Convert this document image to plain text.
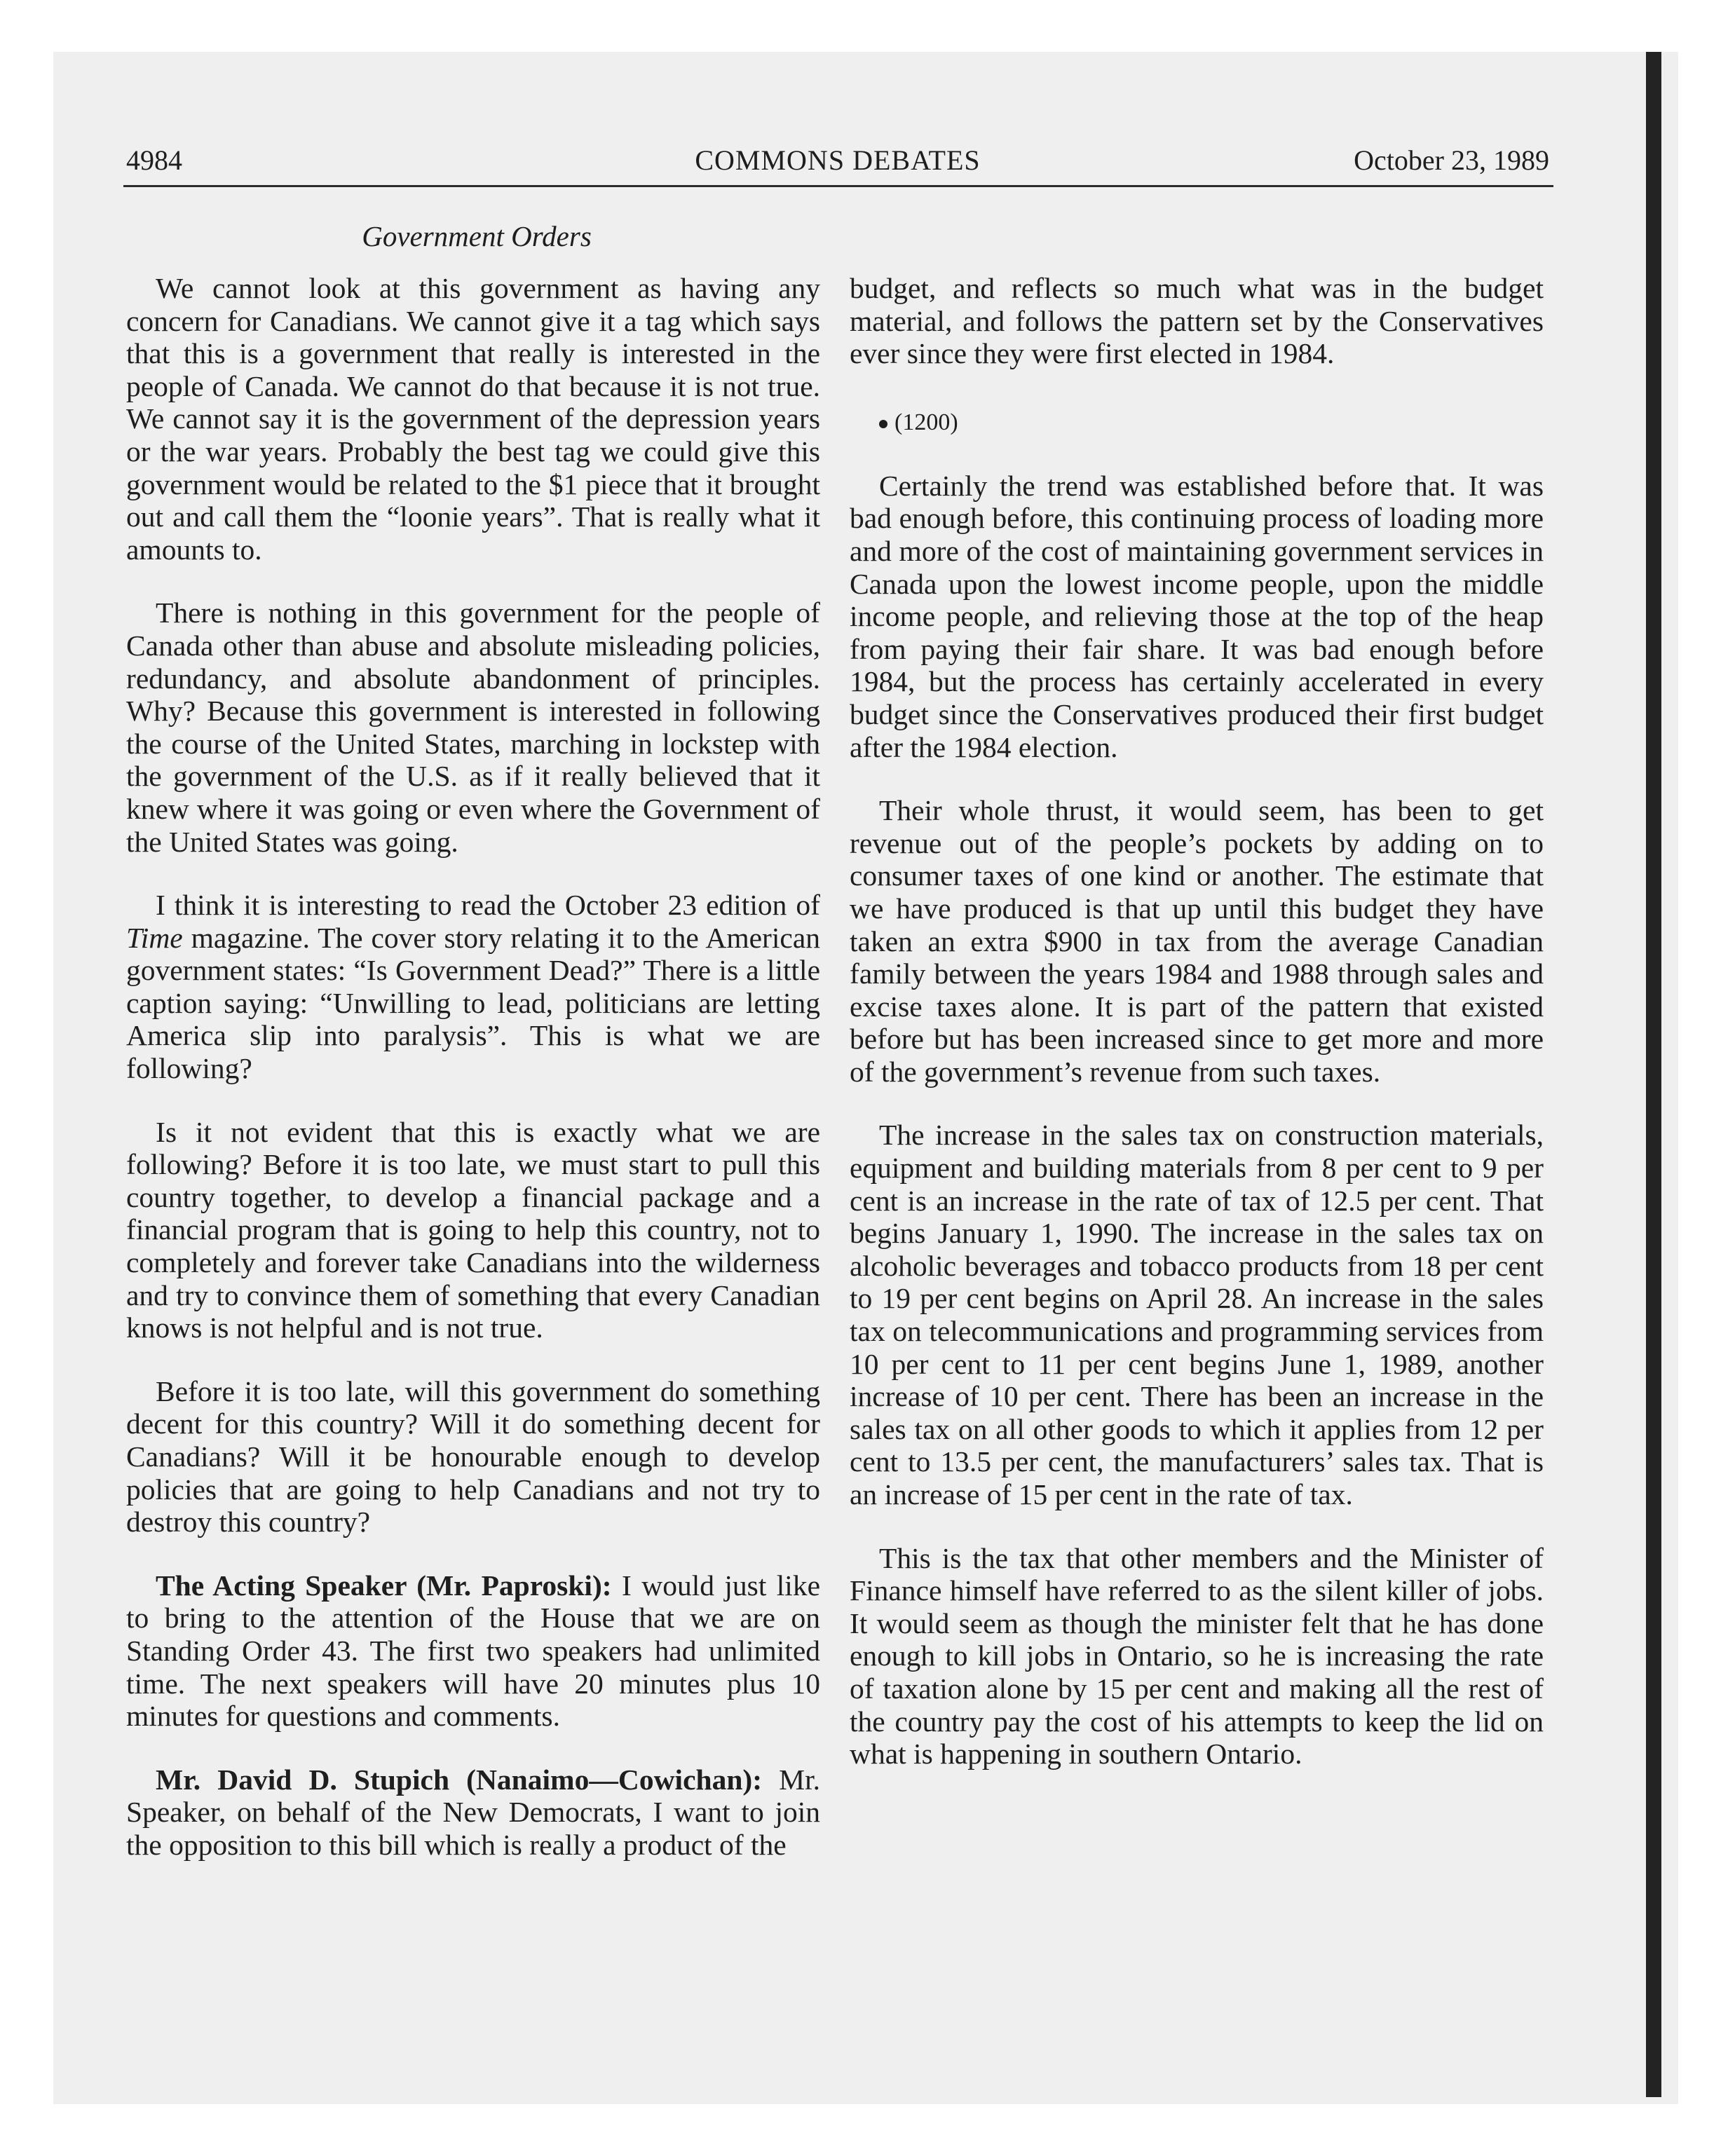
4984	COMMONS DEBATES	October 23, 1989
Government Orders

We cannot look at this government as having any concern for Canadians. We cannot give it a tag which says that this is a government that really is interested in the people of Canada. We cannot do that because it is not true. We cannot say it is the government of the depression years or the war years. Probably the best tag we could give this government would be related to the $1 piece that it brought out and call them the “loonie years”. That is really what it amounts to.

There is nothing in this government for the people of Canada other than abuse and absolute misleading policies, redundancy, and absolute abandonment of principles. Why? Because this government is interested in following the course of the United States, marching in lockstep with the government of the U.S. as if it really believed that it knew where it was going or even where the Government of the United States was going.

I think it is interesting to read the October 23 edition of Time magazine. The cover story relating it to the American government states: “Is Government Dead?” There is a little caption saying: “Unwilling to lead, politicians are letting America slip into paralysis”. This is what we are following?

Is it not evident that this is exactly what we are following? Before it is too late, we must start to pull this country together, to develop a financial package and a financial program that is going to help this country, not to completely and forever take Canadians into the wilderness and try to convince them of something that every Canadian knows is not helpful and is not true.

Before it is too late, will this government do something decent for this country? Will it do something decent for Canadians? Will it be honourable enough to develop policies that are going to help Canadians and not try to destroy this country?

The Acting Speaker (Mr. Paproski): I would just like to bring to the attention of the House that we are on Standing Order 43. The first two speakers had unlimited time. The next speakers will have 20 minutes plus 10 minutes for questions and comments.

Mr. David D. Stupich (Nanaimo—Cowichan): Mr. Speaker, on behalf of the New Democrats, I want to join the opposition to this bill which is really a product of the

budget, and reflects so much what was in the budget material, and follows the pattern set by the Conservatives ever since they were first elected in 1984.

(1200)

Certainly the trend was established before that. It was bad enough before, this continuing process of loading more and more of the cost of maintaining government services in Canada upon the lowest income people, upon the middle income people, and relieving those at the top of the heap from paying their fair share. It was bad enough before 1984, but the process has certainly accelerated in every budget since the Conservatives produced their first budget after the 1984 election.

Their whole thrust, it would seem, has been to get revenue out of the people’s pockets by adding on to consumer taxes of one kind or another. The estimate that we have produced is that up until this budget they have taken an extra $900 in tax from the average Canadian family between the years 1984 and 1988 through sales and excise taxes alone. It is part of the pattern that existed before but has been increased since to get more and more of the government’s revenue from such taxes.

The increase in the sales tax on construction materials, equipment and building materials from 8 per cent to 9 per cent is an increase in the rate of tax of 12.5 per cent. That begins January 1, 1990. The increase in the sales tax on alcoholic beverages and tobacco products from 18 per cent to 19 per cent begins on April 28. An increase in the sales tax on telecommunications and programming services from 10 per cent to 11 per cent begins June 1, 1989, another increase of 10 per cent. There has been an increase in the sales tax on all other goods to which it applies from 12 per cent to 13.5 per cent, the manufacturers’ sales tax. That is an increase of 15 per cent in the rate of tax.

This is the tax that other members and the Minister of Finance himself have referred to as the silent killer of jobs. It would seem as though the minister felt that he has done enough to kill jobs in Ontario, so he is increasing the rate of taxation alone by 15 per cent and making all the rest of the country pay the cost of his attempts to keep the lid on what is happening in southern Ontario.
